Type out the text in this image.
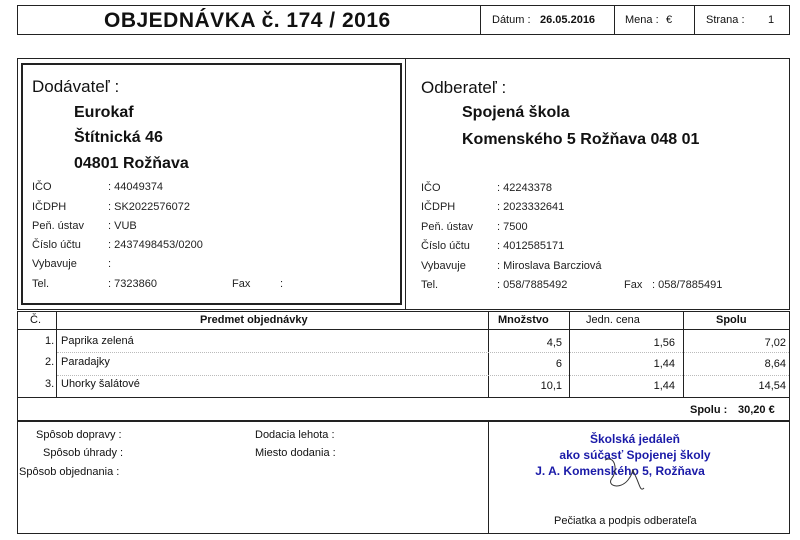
OBJEDNÁVKA č. 174 / 2016	Dátum : 26.05.2016	Mena : €	Strana : 1
Dodávateľ :
Eurokaf
Štítnická 46
04801 Rožňava
IČO	: 44049374
IČDPH	: SK2022576072
Peň. ústav : VUB
Číslo účtu : 2437498453/0200
Vybavuje	:
Tel.	: 7323860	Fax	:
Odberateľ :
Spojená škola
Komenského 5 Rožňava 048 01
IČO	: 42243378
IČDPH	: 2023332641
Peň. ústav : 7500
Číslo účtu : 4012585171
Vybavuje	: Miroslava Barcziová
Tel.	: 058/7885492	Fax : 058/7885491
Č.	Predmet objednávky	Množstvo	Jedn. cena	Spolu
1. Paprika zelená	4,5	1,56	7,02
2. Paradajky	6	1,44	8,64
3. Uhorky šalátové	10,1	1,44	14,54
Spolu : 30,20 €
Spôsob dopravy :
Spôsob úhrady :
Spôsob objednania :
Dodacia lehota :
Miesto dodania :
Školská jedáleň
ako súčasť Spojenej školy
J. A. Komenského 5, Rožňava
Pečiatka a podpis odberateľa
